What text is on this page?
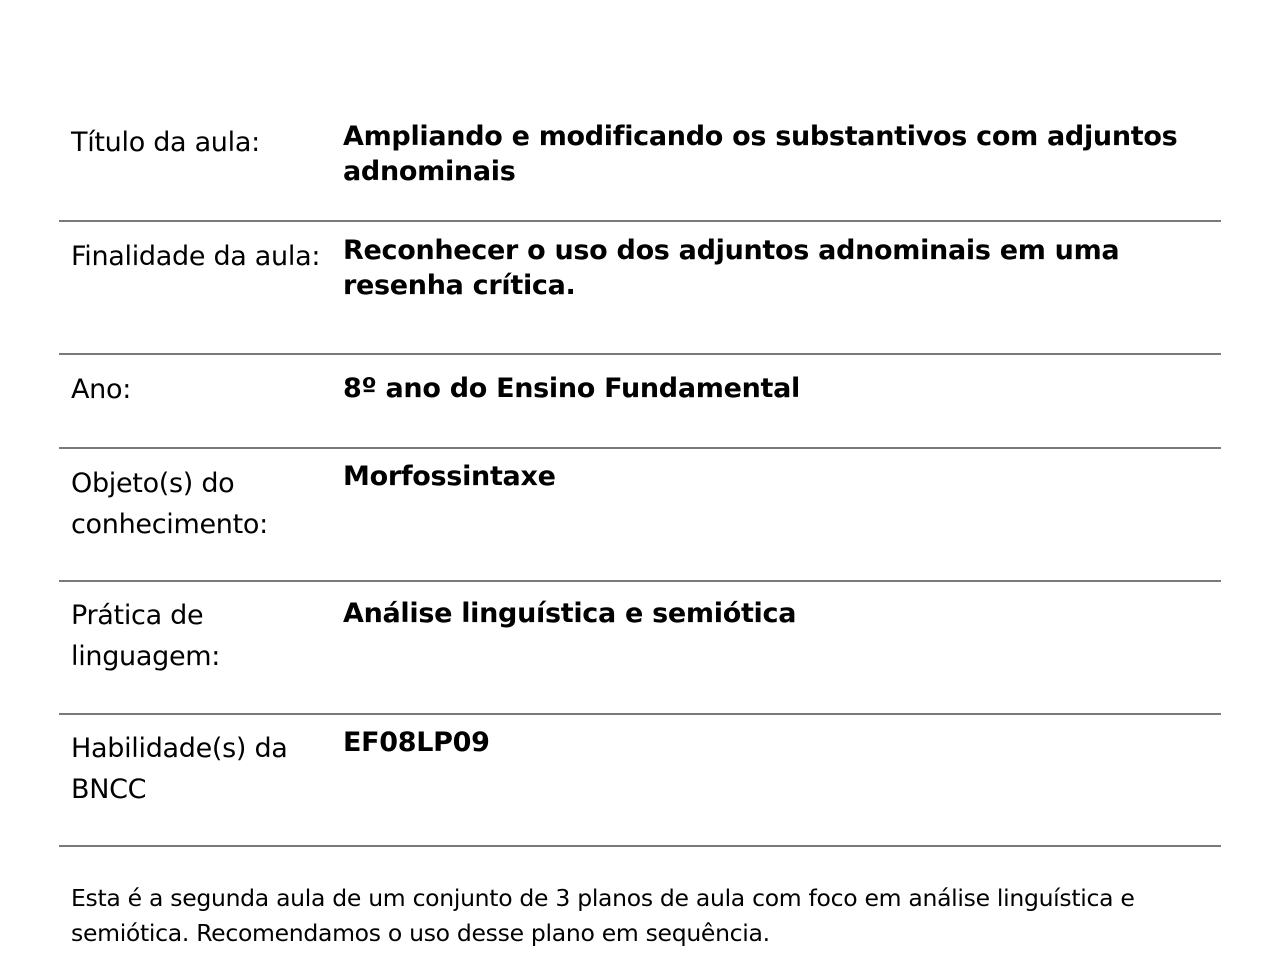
Título da aula:	Ampliando e modificando os substantivos com adjuntos adnominais
Finalidade da aula:	Reconhecer o uso dos adjuntos adnominais em uma resenha crítica.
Ano:	8º ano do Ensino Fundamental
Objeto(s) do conhecimento:	Morfossintaxe
Prática de linguagem:	Análise linguística e semiótica
Habilidade(s) da BNCC	EF08LP09

Esta é a segunda aula de um conjunto de 3 planos de aula com foco em análise linguística e semiótica. Recomendamos o uso desse plano em sequência.
